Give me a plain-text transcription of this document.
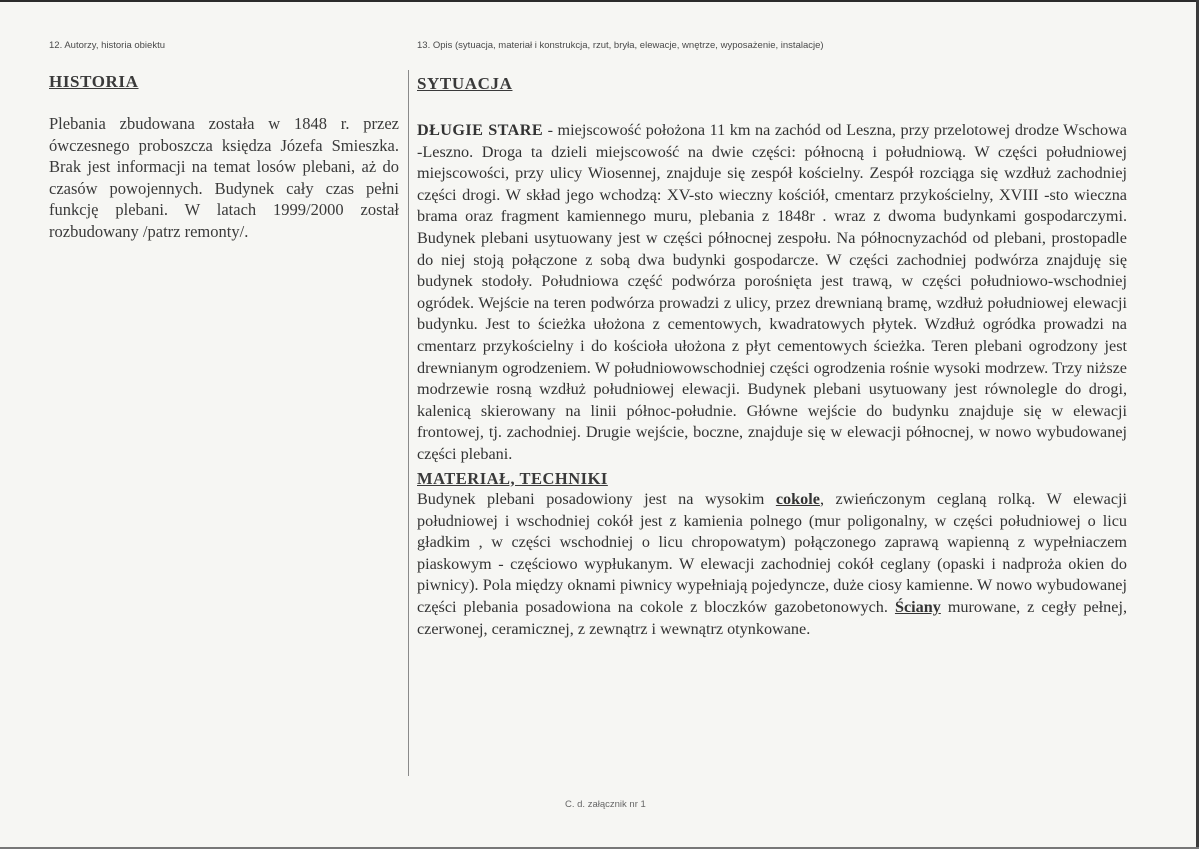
12. Autorzy, historia obiektu	13. Opis (sytuacja, materiał i konstrukcja, rzut, bryła, elewacje, wnętrze, wyposażenie, instalacje)
HISTORIA
Plebania zbudowana została w 1848 r. przez ówczesnego proboszcza księdza Józefa Smieszka. Brak jest informacji na temat losów plebani, aż do czasów powojennych. Budynek cały czas pełni funkcję plebani. W latach 1999/2000 został rozbudowany /patrz remonty/.
SYTUACJA

DŁUGIE STARE - miejscowość położona 11 km na zachód od Leszna, przy przelotowej drodze Wschowa -Leszno. Droga ta dzieli miejscowość na dwie części: północną i południową. W części południowej miejscowości, przy ulicy Wiosennej, znajduje się zespół kościelny. Zespół rozciąga się wzdłuż zachodniej części drogi. W skład jego wchodzą: XV-sto wieczny kościół, cmentarz przykościelny, XVIII -sto wieczna brama oraz fragment kamiennego muru, plebania z 1848r . wraz z dwoma budynkami gospodarczymi. Budynek plebani usytuowany jest w części północnej zespołu. Na północnyzachód od plebani, prostopadle do niej stoją połączone z sobą dwa budynki gospodarcze. W części zachodniej podwórza znajduję się budynek stodoły. Południowa część podwórza porośnięta jest trawą, w części południowo-wschodniej ogródek. Wejście na teren podwórza prowadzi z ulicy, przez drewnianą bramę, wzdłuż południowej elewacji budynku. Jest to ścieżka ułożona z cementowych, kwadratowych płytek. Wzdłuż ogródka prowadzi na cmentarz przykościelny i do kościoła ułożona z płyt cementowych ścieżka. Teren plebani ogrodzony jest drewnianym ogrodzeniem. W południowowschodniej części ogrodzenia rośnie wysoki modrzew. Trzy niższe modrzewie rosną wzdłuż południowej elewacji. Budynek plebani usytuowany jest równolegle do drogi, kalenicą skierowany na linii północ-południe. Główne wejście do budynku znajduje się w elewacji frontowej, tj. zachodniej. Drugie wejście, boczne, znajduje się w elewacji północnej, w nowo wybudowanej części plebani.

MATERIAŁ, TECHNIKI

Budynek plebani posadowiony jest na wysokim cokole, zwieńczonym ceglaną rolką. W elewacji południowej i wschodniej cokół jest z kamienia polnego (mur poligonalny, w części południowej o licu gładkim , w części wschodniej o licu chropowatym) połączonego zaprawą wapienną z wypełniaczem piaskowym - częściowo wypłukanym. W elewacji zachodniej cokół ceglany (opaski i nadproża okien do piwnicy). Pola między oknami piwnicy wypełniają pojedyncze, duże ciosy kamienne. W nowo wybudowanej części plebania posadowiona na cokole z bloczków gazobetonowych. Ściany murowane, z cegły pełnej, czerwonej, ceramicznej, z zewnątrz i wewnątrz otynkowane.

C. d. załącznik nr 1
